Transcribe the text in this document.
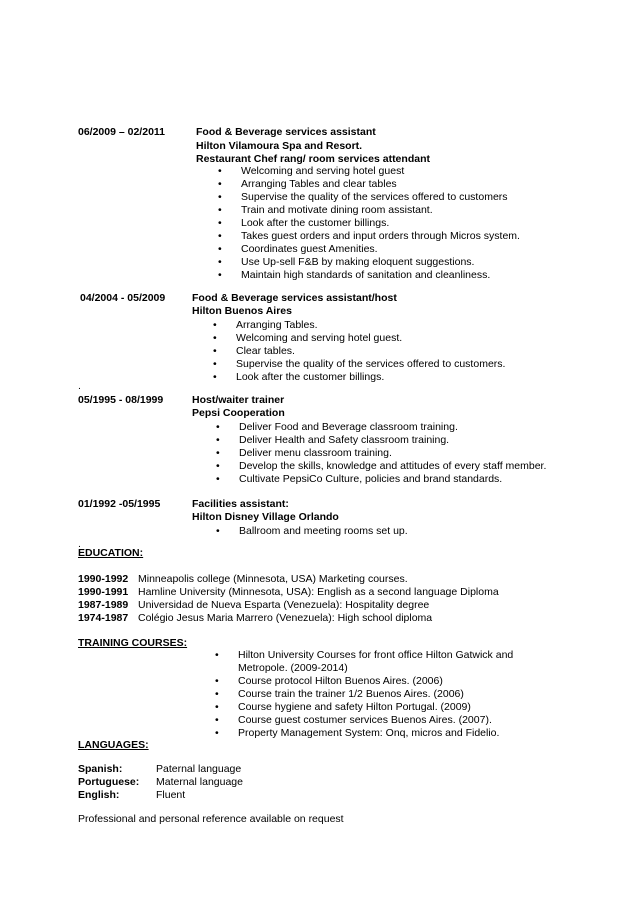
06/2009 – 02/2011	Food & Beverage services assistant
Hilton Vilamoura Spa and Resort.
Restaurant Chef rang/ room services attendant
• Welcoming and serving hotel guest
• Arranging Tables and clear tables
• Supervise the quality of the services offered to customers
• Train and motivate dining room assistant.
• Look after the customer billings.
• Takes guest orders and input orders through Micros system.
• Coordinates guest Amenities.
• Use Up-sell F&B by making eloquent suggestions.
• Maintain high standards of sanitation and cleanliness.
04/2004 - 05/2009	Food & Beverage services assistant/host
Hilton Buenos Aires
• Arranging Tables.
• Welcoming and serving hotel guest.
• Clear tables.
• Supervise the quality of the services offered to customers.
• Look after the customer billings.
.
05/1995 - 08/1999	Host/waiter trainer
Pepsi Cooperation
• Deliver Food and Beverage classroom training.
• Deliver Health and Safety classroom training.
• Deliver menu classroom training.
• Develop the skills, knowledge and attitudes of every staff member.
• Cultivate PepsiCo Culture, policies and brand standards.
01/1992 -05/1995	Facilities assistant:
Hilton Disney Village Orlando
• Ballroom and meeting rooms set up.
.
EDUCATION:
1990-1992 Minneapolis college (Minnesota, USA) Marketing courses.
1990-1991 Hamline University (Minnesota, USA): English as a second language Diploma
1987-1989 Universidad de Nueva Esparta (Venezuela): Hospitality degree
1974-1987 Colégio Jesus Maria Marrero (Venezuela): High school diploma
TRAINING COURSES:
• Hilton University Courses for front office Hilton Gatwick and Metropole. (2009-2014)
• Course protocol Hilton Buenos Aires. (2006)
• Course train the trainer 1/2 Buenos Aires. (2006)
• Course hygiene and safety Hilton Portugal. (2009)
• Course guest costumer services Buenos Aires. (2007).
• Property Management System: Onq, micros and Fidelio.
LANGUAGES:
Spanish:	Paternal language
Portuguese: Maternal language
English:	Fluent
Professional and personal reference available on request
